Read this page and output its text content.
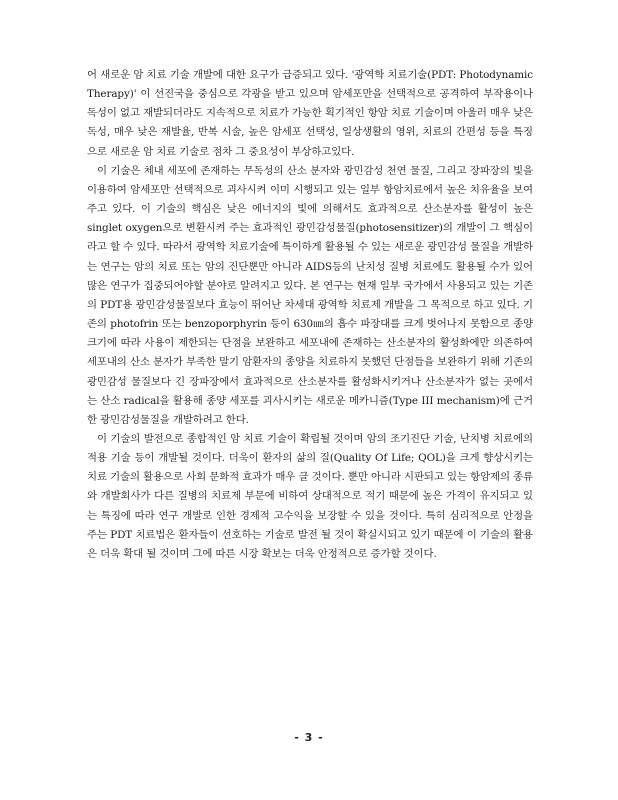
어 새로운 암 치료 기술 개발에 대한 요구가 급증되고 있다. '광역학 치료기술(PDT: Photodynamic Therapy)' 이 선진국을 중심으로 각광을 받고 있으며 암세포만을 선택적으로 공격하여 부작용이나 독성이 없고 재발되더라도 지속적으로 치료가 가능한 획기적인 항암 치료 기술이며 아울러 매우 낮은 독성, 매우 낮은 재발율, 반복 시술, 높은 암세포 선택성, 일상생활의 영위, 치료의 간편성 등을 특징으로 새로운 암 치료 기술로 점차 그 중요성이 부상하고있다.

이 기술은 체내 세포에 존재하는 무독성의 산소 분자와 광민감성 천연 물질, 그리고 장파장의 빛을 이용하여 암세포만 선택적으로 괴사시켜 이미 시행되고 있는 일부 항암치료에서 높은 치유율을 보여주고 있다. 이 기술의 핵심은 낮은 에너지의 빛에 의해서도 효과적으로 산소분자를 활성이 높은 singlet oxygen으로 변환시켜 주는 효과적인 광민감성물질(photosensitizer)의 개발이 그 핵심이라고 할 수 있다. 따라서 광역학 치료기술에 특이하게 활용될 수 있는 새로운 광민감성 물질을 개발하는 연구는 암의 치료 또는 암의 진단뿐만 아니라 AIDS등의 난치성 질병 치료에도 활용될 수가 있어 많은 연구가 집중되어야할 분야로 알려지고 있다. 본 연구는 현재 일부 국가에서 사용되고 있는 기존의 PDT용 광민감성물질보다 효능이 뛰어난 차세대 광역학 치료제 개발을 그 목적으로 하고 있다. 기존의 photofrin 또는 benzoporphyrin 등이 630㎚의 흡수 파장대를 크게 벗어나지 못함으로 종양 크기에 따라 사용이 제한되는 단점을 보완하고 세포내에 존재하는 산소분자의 활성화에만 의존하여 세포내의 산소 분자가 부족한 말기 암환자의 종양을 치료하지 못했던 단점들을 보완하기 위해 기존의 광민감성 물질보다 긴 장파장에서 효과적으로 산소분자를 활성화시키거나 산소분자가 없는 곳에서는 산소 radical을 활용해 종양 세포를 괴사시키는 새로운 메카니즘(Type III mechanism)에 근거한 광민감성물질을 개발하려고 한다.

이 기술의 발전으로 종합적인 암 치료 기술이 확립될 것이며 암의 조기진단 기술, 난치병 치료에의 적용 기술 등이 개발될 것이다. 더욱이 환자의 삶의 질(Quality Of Life; QOL)을 크게 향상시키는 치료 기술의 활용으로 사회 문화적 효과가 매우 클 것이다. 뿐만 아니라 시판되고 있는 항암제의 종류와 개발회사가 다른 질병의 치료제 부문에 비하여 상대적으로 적기 때문에 높은 가격이 유지되고 있는 특징에 따라 연구 개발로 인한 경제적 고수익을 보장할 수 있을 것이다. 특히 심리적으로 안정을 주는 PDT 치료법은 환자들이 선호하는 기술로 발전 될 것이 확실시되고 있기 때문에 이 기술의 활용은 더욱 확대 될 것이며 그에 따른 시장 확보는 더욱 안정적으로 증가할 것이다.

- 3 -
